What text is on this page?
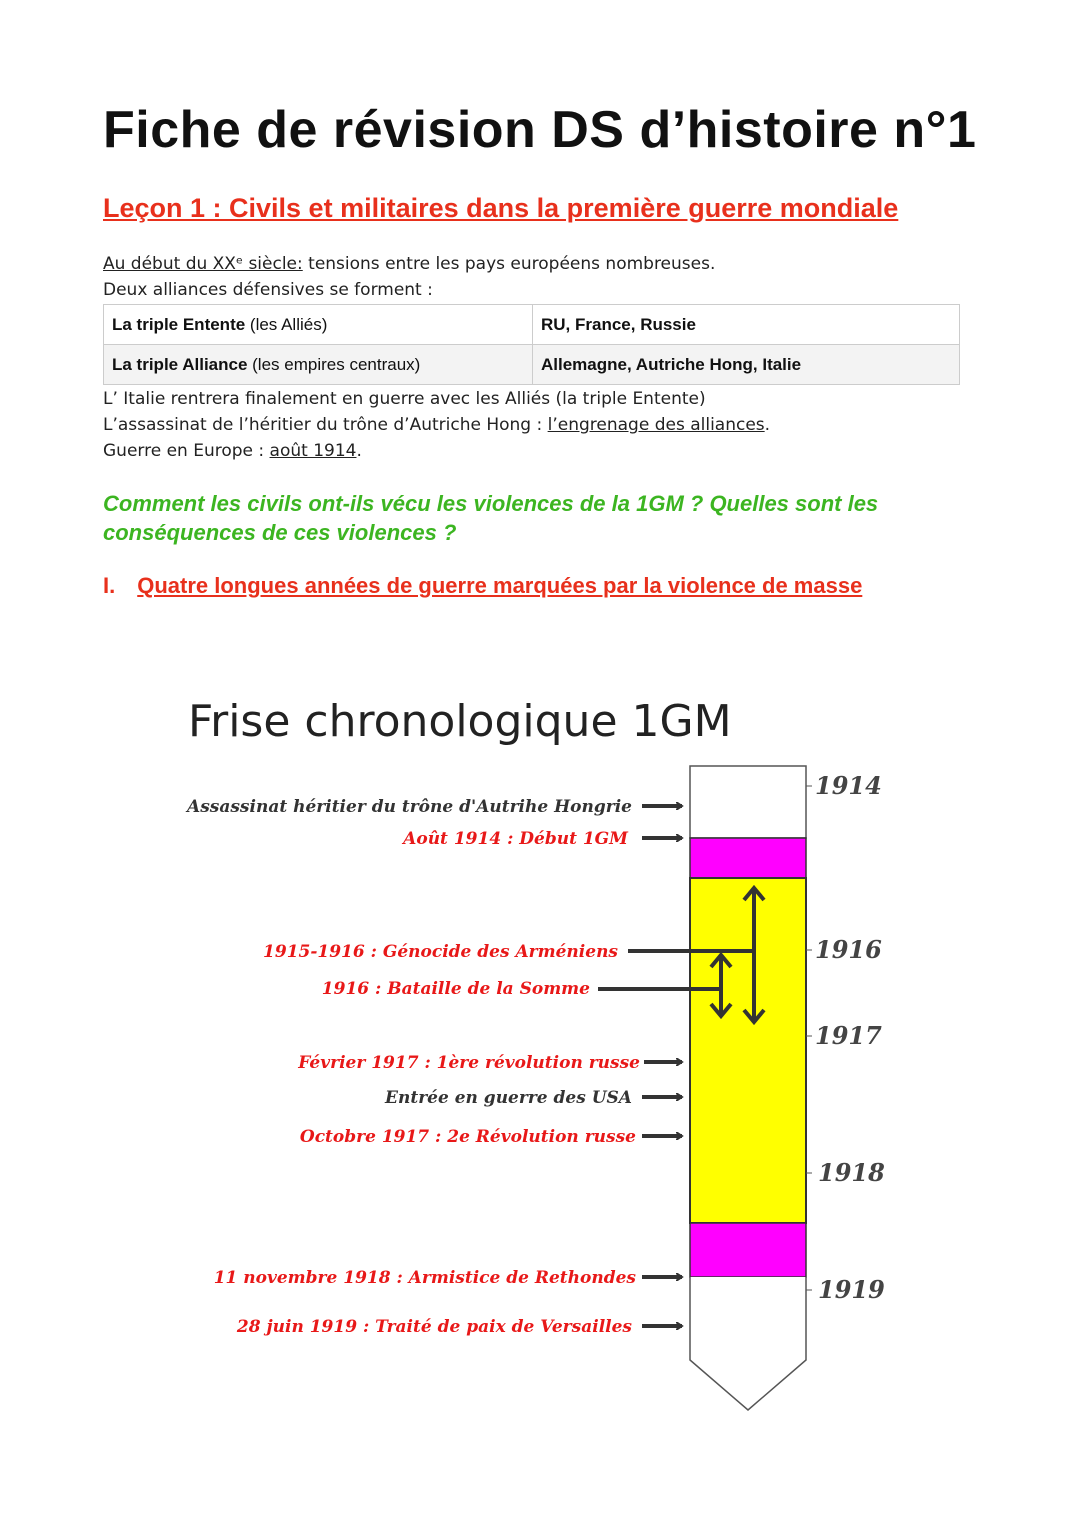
Fiche de révision DS d’histoire n°1
Leçon 1 : Civils et militaires dans la première guerre mondiale
Au début du XXᵉ siècle: tensions entre les pays européens nombreuses.
Deux alliances défensives se forment :
La triple Entente (les Alliés)	RU, France, Russie
La triple Alliance (les empires centraux)	Allemagne, Autriche Hong, Italie
L’ Italie rentrera finalement en guerre avec les Alliés (la triple Entente)
L’assassinat de l’héritier du trône d’Autriche Hong : l’engrenage des alliances.
Guerre en Europe : août 1914.
Comment les civils ont-ils vécu les violences de la 1GM ? Quelles sont les conséquences de ces violences ?
I. Quatre longues années de guerre marquées par la violence de masse
Frise chronologique 1GM
1914
1916
1917
1918
1919
Assassinat héritier du trône d'Autrihe Hongrie
Août 1914 : Début 1GM
1915-1916 : Génocide des Arméniens
1916 : Bataille de la Somme
Février 1917 : 1ère révolution russe
Entrée en guerre des USA
Octobre 1917 : 2e Révolution russe
11 novembre 1918 : Armistice de Rethondes
28 juin 1919 : Traité de paix de Versailles
